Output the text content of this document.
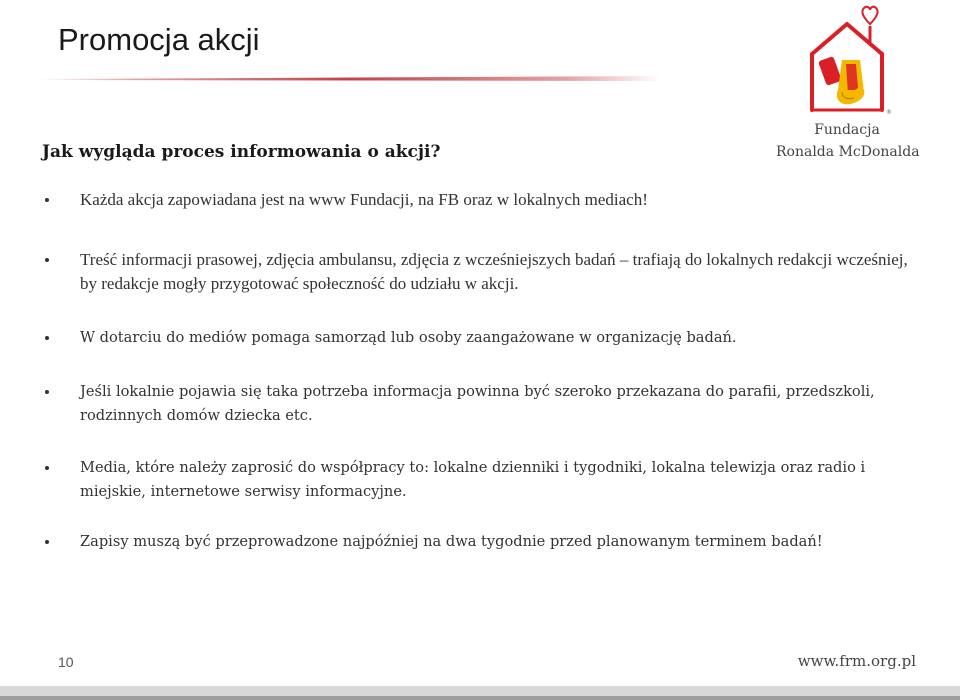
Promocja akcji
Jak wygląda proces informowania o akcji?
Każda akcja zapowiadana jest na www Fundacji, na FB oraz w lokalnych mediach!
Treść informacji prasowej, zdjęcia ambulansu, zdjęcia z wcześniejszych badań – trafiają do lokalnych redakcji wcześniej, by redakcje mogły przygotować społeczność do udziału w akcji.
W dotarciu do mediów pomaga samorząd lub osoby zaangażowane w organizację badań.
Jeśli lokalnie pojawia się taka potrzeba informacja powinna być szeroko przekazana do parafii, przedszkoli, rodzinnych domów dziecka etc.
Media, które należy zaprosić do współpracy to: lokalne dzienniki i tygodniki, lokalna telewizja oraz radio i miejskie, internetowe serwisy informacyjne.
Zapisy muszą być przeprowadzone najpóźniej na dwa tygodnie przed planowanym terminem badań!
®
Fundacja
Ronalda McDonalda
10	www.frm.org.pl
